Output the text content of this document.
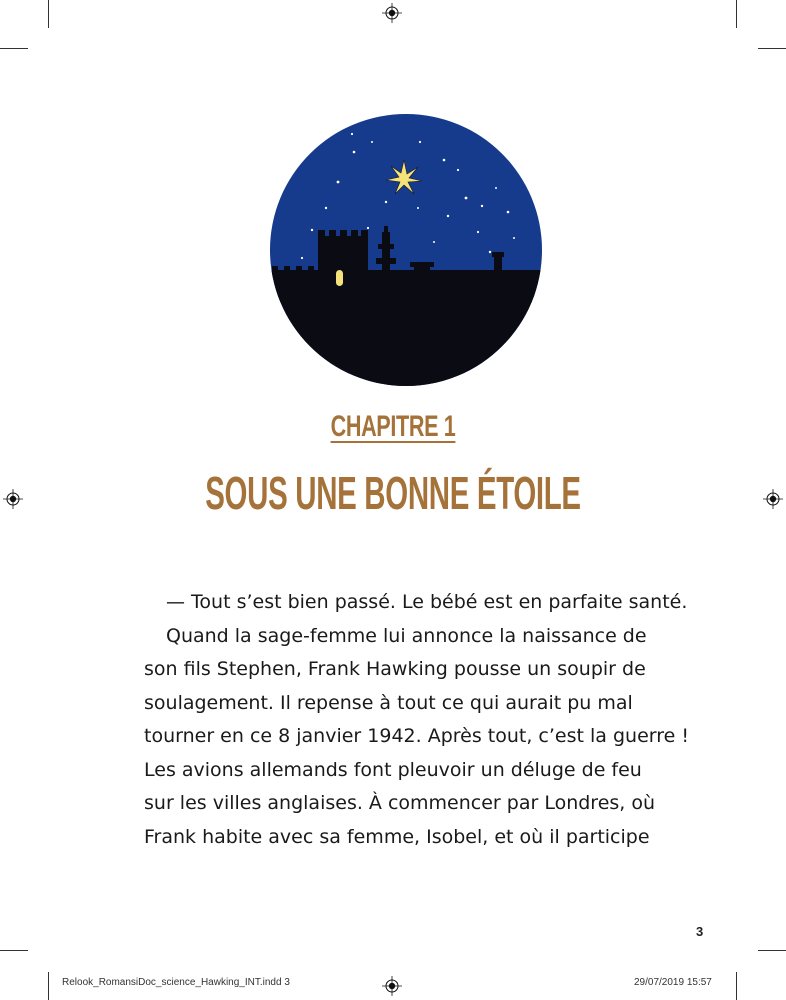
CHAPITRE 1
SOUS UNE BONNE ÉTOILE
— Tout s’est bien passé. Le bébé est en parfaite santé.
Quand la sage-femme lui annonce la naissance de
son fils Stephen, Frank Hawking pousse un soupir de
soulagement. Il repense à tout ce qui aurait pu mal
tourner en ce 8 janvier 1942. Après tout, c’est la guerre !
Les avions allemands font pleuvoir un déluge de feu
sur les villes anglaises. À commencer par Londres, où
Frank habite avec sa femme, Isobel, et où il participe
3
Relook_RomansiDoc_science_Hawking_INT.indd 3	29/07/2019 15:57
